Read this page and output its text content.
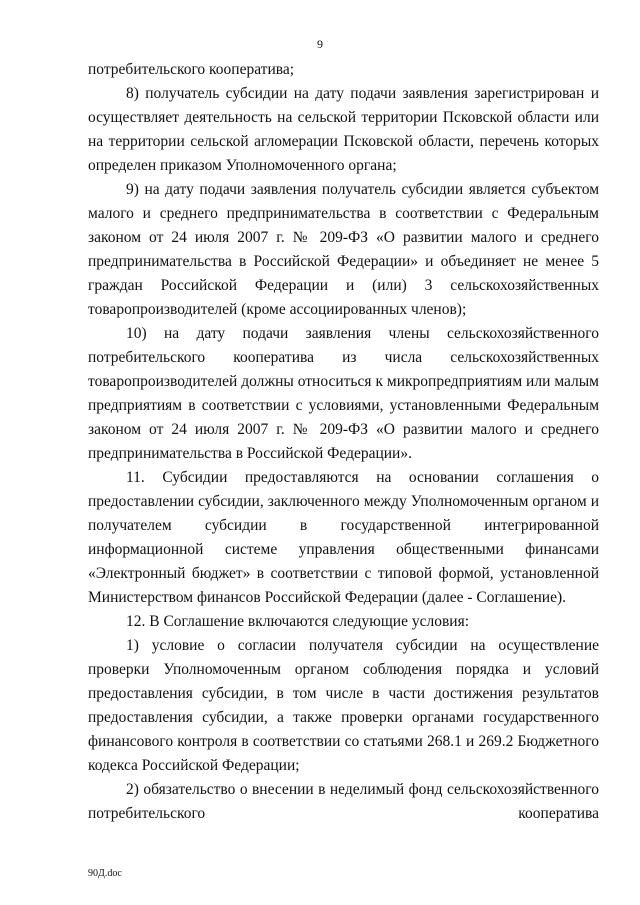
9

потребительского кооператива;

8) получатель субсидии на дату подачи заявления зарегистрирован и осуществляет деятельность на сельской территории Псковской области или на территории сельской агломерации Псковской области, перечень которых определен приказом Уполномоченного органа;

9) на дату подачи заявления получатель субсидии является субъектом малого и среднего предпринимательства в соответствии с Федеральным законом от 24 июля 2007 г. № 209-ФЗ «О развитии малого и среднего предпринимательства в Российской Федерации» и объединяет не менее 5 граждан Российской Федерации и (или) 3 сельскохозяйственных товаропроизводителей (кроме ассоциированных членов);

10) на дату подачи заявления члены сельскохозяйственного потребительского кооператива из числа сельскохозяйственных товаропроизводителей должны относиться к микропредприятиям или малым предприятиям в соответствии с условиями, установленными Федеральным законом от 24 июля 2007 г. № 209-ФЗ «О развитии малого и среднего предпринимательства в Российской Федерации».

11. Субсидии предоставляются на основании соглашения о предоставлении субсидии, заключенного между Уполномоченным органом и получателем субсидии в государственной интегрированной информационной системе управления общественными финансами «Электронный бюджет» в соответствии с типовой формой, установленной Министерством финансов Российской Федерации (далее - Соглашение).

12. В Соглашение включаются следующие условия:

1) условие о согласии получателя субсидии на осуществление проверки Уполномоченным органом соблюдения порядка и условий предоставления субсидии, в том числе в части достижения результатов предоставления субсидии, а также проверки органами государственного финансового контроля в соответствии со статьями 268.1 и 269.2 Бюджетного кодекса Российской Федерации;

2) обязательство о внесении в неделимый фонд сельскохозяйственного потребительского кооператива

90Д.doc
